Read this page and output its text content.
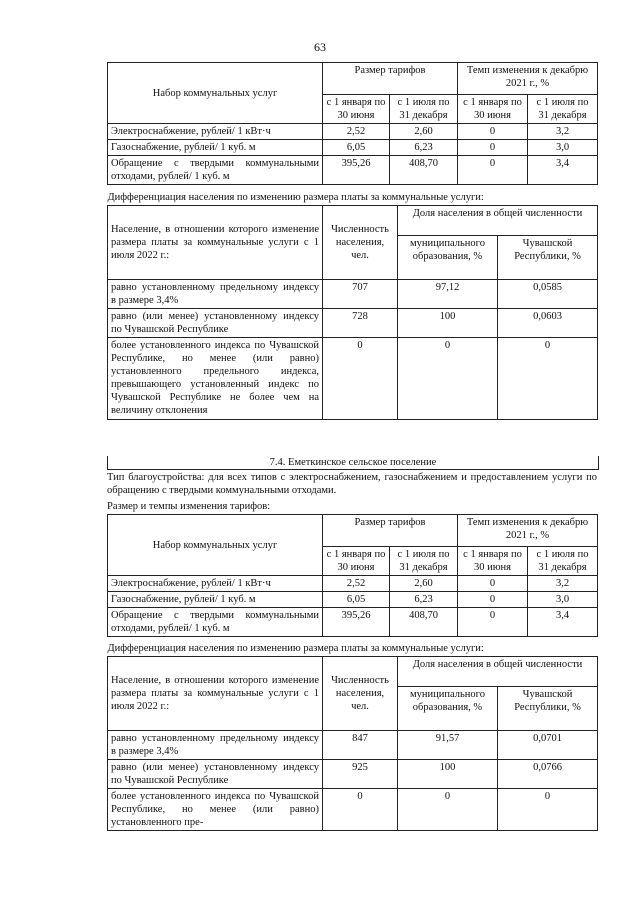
63
Набор коммунальных услуг	Размер тарифов		Темп изменения к декабрю 2021 г., %	
	с 1 января по 30 июня	с 1 июля по 31 декабря	с 1 января по 30 июня	с 1 июля по 31 декабря
Электроснабжение, рублей/ 1 кВт·ч	2,52	2,60	0	3,2
Газоснабжение, рублей/ 1 куб. м	6,05	6,23	0	3,0
Обращение с твердыми коммунальными отходами, рублей/ 1 куб. м	395,26	408,70	0	3,4
Дифференциация населения по изменению размера платы за коммунальные услуги:			
Население, в отношении которого изменение размера платы за коммунальные услуги с 1 июля 2022 г.:	Численность населения, чел.	Доля населения в общей численности	
		муниципального образования, %	Чувашской Республики, %
равно установленному предельному индексу в размере 3,4%	707	97,12	0,0585
равно (или менее) установленному индексу по Чувашской Республике	728	100	0,0603
более установленного индекса по Чувашской Республике, но менее (или равно) установленного предельного индекса, превышающего установленный индекс по Чувашской Республике не более чем на величину отклонения	0	0	0
7.4. Еметкинское сельское поселение
Тип благоустройства: для всех типов с электроснабжением, газоснабжением и предоставлением услуги по обращению с твердыми коммунальными отходами.
Размер и темпы изменения тарифов:
Набор коммунальных услуг	Размер тарифов		Темп изменения к декабрю 2021 г., %	
	с 1 января по 30 июня	с 1 июля по 31 декабря	с 1 января по 30 июня	с 1 июля по 31 декабря
Электроснабжение, рублей/ 1 кВт·ч	2,52	2,60	0	3,2
Газоснабжение, рублей/ 1 куб. м	6,05	6,23	0	3,0
Обращение с твердыми коммунальными отходами, рублей/ 1 куб. м	395,26	408,70	0	3,4
Дифференциация населения по изменению размера платы за коммунальные услуги:			
Население, в отношении которого изменение размера платы за коммунальные услуги с 1 июля 2022 г.:	Численность населения, чел.	Доля населения в общей численности	
		муниципального образования, %	Чувашской Республики, %
равно установленному предельному индексу в размере 3,4%	847	91,57	0,0701
равно (или менее) установленному индексу по Чувашской Республике	925	100	0,0766
более установленного индекса по Чувашской Республике, но менее (или равно) установленного пре-	0	0	0
